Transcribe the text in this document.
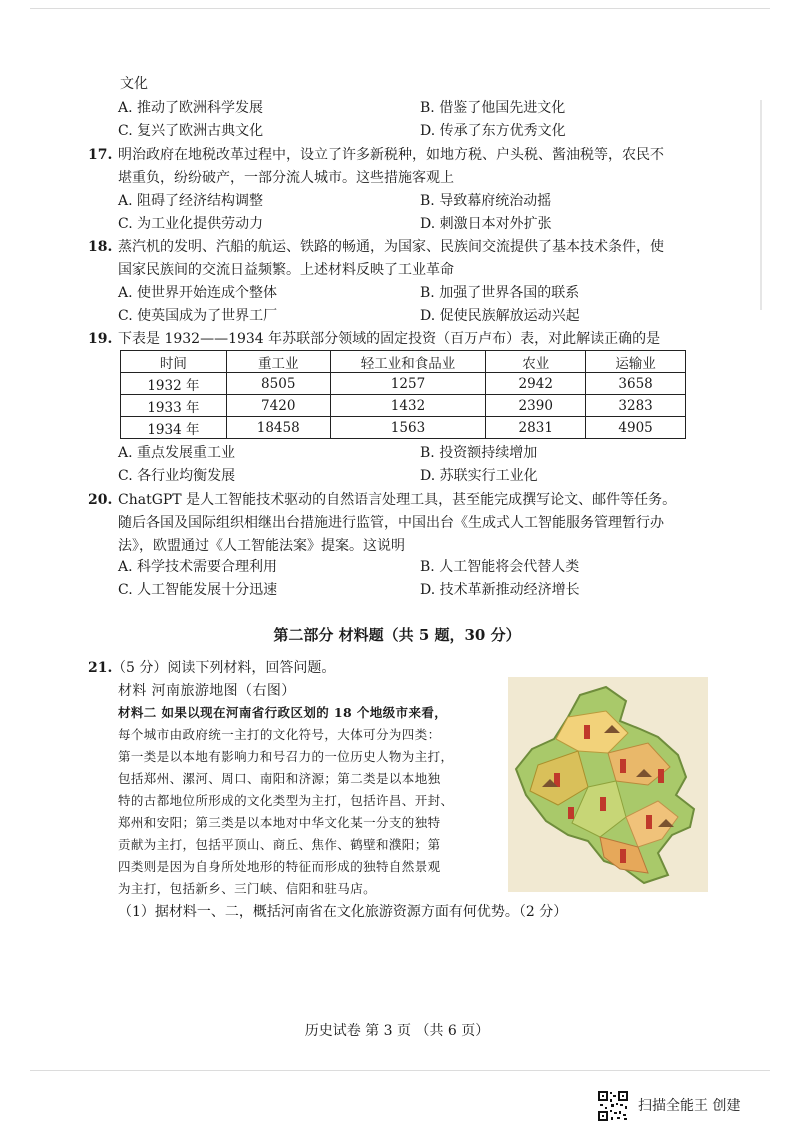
文化
A. 推动了欧洲科学发展	B. 借鉴了他国先进文化
C. 复兴了欧洲古典文化	D. 传承了东方优秀文化
17. 明治政府在地税改革过程中，设立了许多新税种，如地方税、户头税、酱油税等，农民不
堪重负，纷纷破产，一部分流人城市。这些措施客观上
A. 阻碍了经济结构调整	B. 导致幕府统治动摇
C. 为工业化提供劳动力	D. 刺激日本对外扩张
18. 蒸汽机的发明、汽船的航运、铁路的畅通，为国家、民族间交流提供了基本技术条件，使
国家民族间的交流日益频繁。上述材料反映了工业革命
A. 使世界开始连成个整体	B. 加强了世界各国的联系
C. 使英国成为了世界工厂	D. 促使民族解放运动兴起
19. 下表是 1932——1934 年苏联部分领域的固定投资（百万卢布）表，对此解读正确的是
时间	重工业	轻工业和食品业	农业	运输业
1932 年	8505	1257	2942	3658
1933 年	7420	1432	2390	3283
1934 年	18458	1563	2831	4905
A. 重点发展重工业	B. 投资额持续增加
C. 各行业均衡发展	D. 苏联实行工业化
20. ChatGPT 是人工智能技术驱动的自然语言处理工具，甚至能完成撰写论文、邮件等任务。
随后各国及国际组织相继出台措施进行监管，中国出台《生成式人工智能服务管理暂行办
法》，欧盟通过《人工智能法案》提案。这说明
A. 科学技术需要合理利用	B. 人工智能将会代替人类
C. 人工智能发展十分迅速	D. 技术革新推动经济增长
第二部分 材料题（共 5 题，30 分）
21. （5 分）阅读下列材料，回答问题。
材料 河南旅游地图（右图）
材料二 如果以现在河南省行政区划的 18 个地级市来看，
每个城市由政府统一主打的文化符号，大体可分为四类：
第一类是以本地有影响力和号召力的一位历史人物为主打，
包括郑州、漯河、周口、南阳和济源；第二类是以本地独
特的古都地位所形成的文化类型为主打，包括许昌、开封、
郑州和安阳；第三类是以本地对中华文化某一分支的独特
贡献为主打，包括平顶山、商丘、焦作、鹤壁和濮阳；第
四类则是因为自身所处地形的特征而形成的独特自然景观
为主打，包括新乡、三门峡、信阳和驻马店。
（1）据材料一、二，概括河南省在文化旅游资源方面有何优势。（2 分）
历史试卷 第 3 页 （共 6 页）
扫描全能王 创建
